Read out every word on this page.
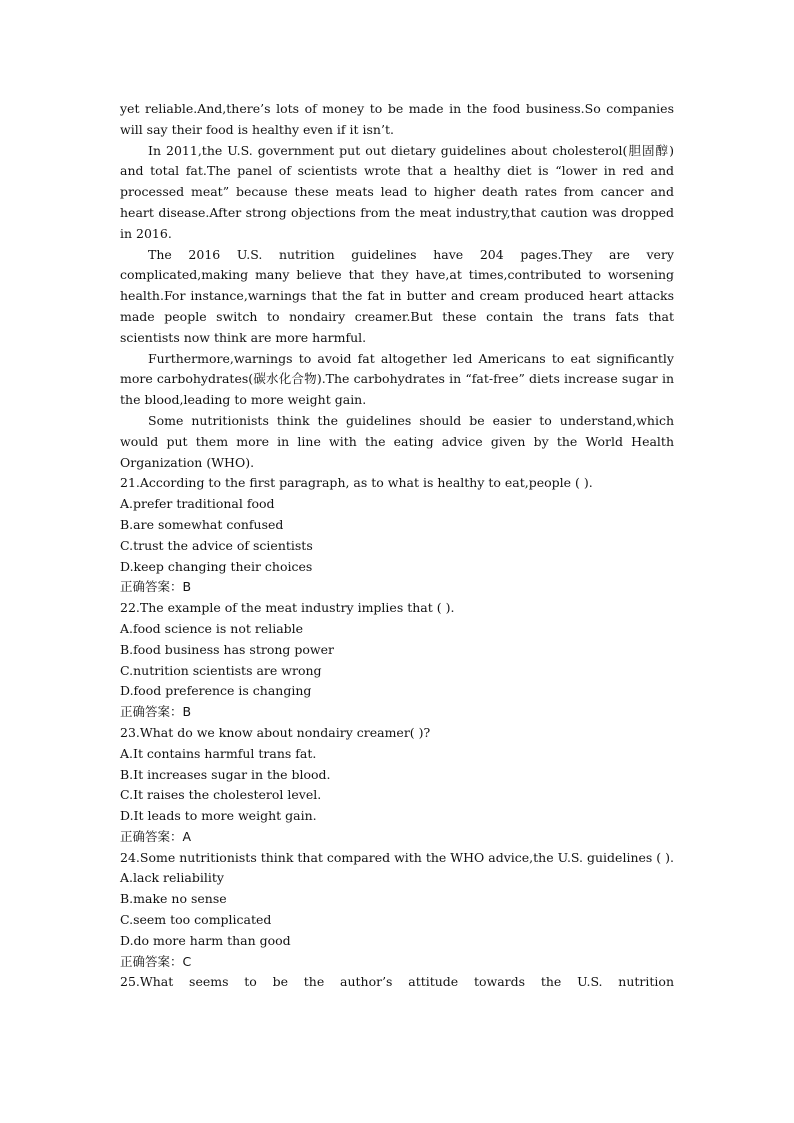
yet reliable.And,there’s lots of money to be made in the food business.So companies will say their food is healthy even if it isn’t.

In 2011,the U.S. government put out dietary guidelines about cholesterol(胆固醇) and total fat.The panel of scientists wrote that a healthy diet is “lower in red and processed meat” because these meats lead to higher death rates from cancer and heart disease.After strong objections from the meat industry,that caution was dropped in 2016.

The 2016 U.S. nutrition guidelines have 204 pages.They are very complicated,making many believe that they have,at times,contributed to worsening health.For instance,warnings that the fat in butter and cream produced heart attacks made people switch to nondairy creamer.But these contain the trans fats that scientists now think are more harmful.

Furthermore,warnings to avoid fat altogether led Americans to eat significantly more carbohydrates(碳水化合物).The carbohydrates in “fat-free” diets increase sugar in the blood,leading to more weight gain.

Some nutritionists think the guidelines should be easier to understand,which would put them more in line with the eating advice given by the World Health Organization (WHO).

21.According to the first paragraph, as to what is healthy to eat,people ( ).

A.prefer traditional food

B.are somewhat confused

C.trust the advice of scientists

D.keep changing their choices

正确答案：B

22.The example of the meat industry implies that ( ).

A.food science is not reliable

B.food business has strong power

C.nutrition scientists are wrong

D.food preference is changing

正确答案：B

23.What do we know about nondairy creamer( )?

A.It contains harmful trans fat.

B.It increases sugar in the blood.

C.It raises the cholesterol level.

D.It leads to more weight gain.

正确答案：A

24.Some nutritionists think that compared with the WHO advice,the U.S. guidelines ( ).

A.lack reliability

B.make no sense

C.seem too complicated

D.do more harm than good

正确答案：C

25.What seems to be the author’s attitude towards the U.S. nutrition
